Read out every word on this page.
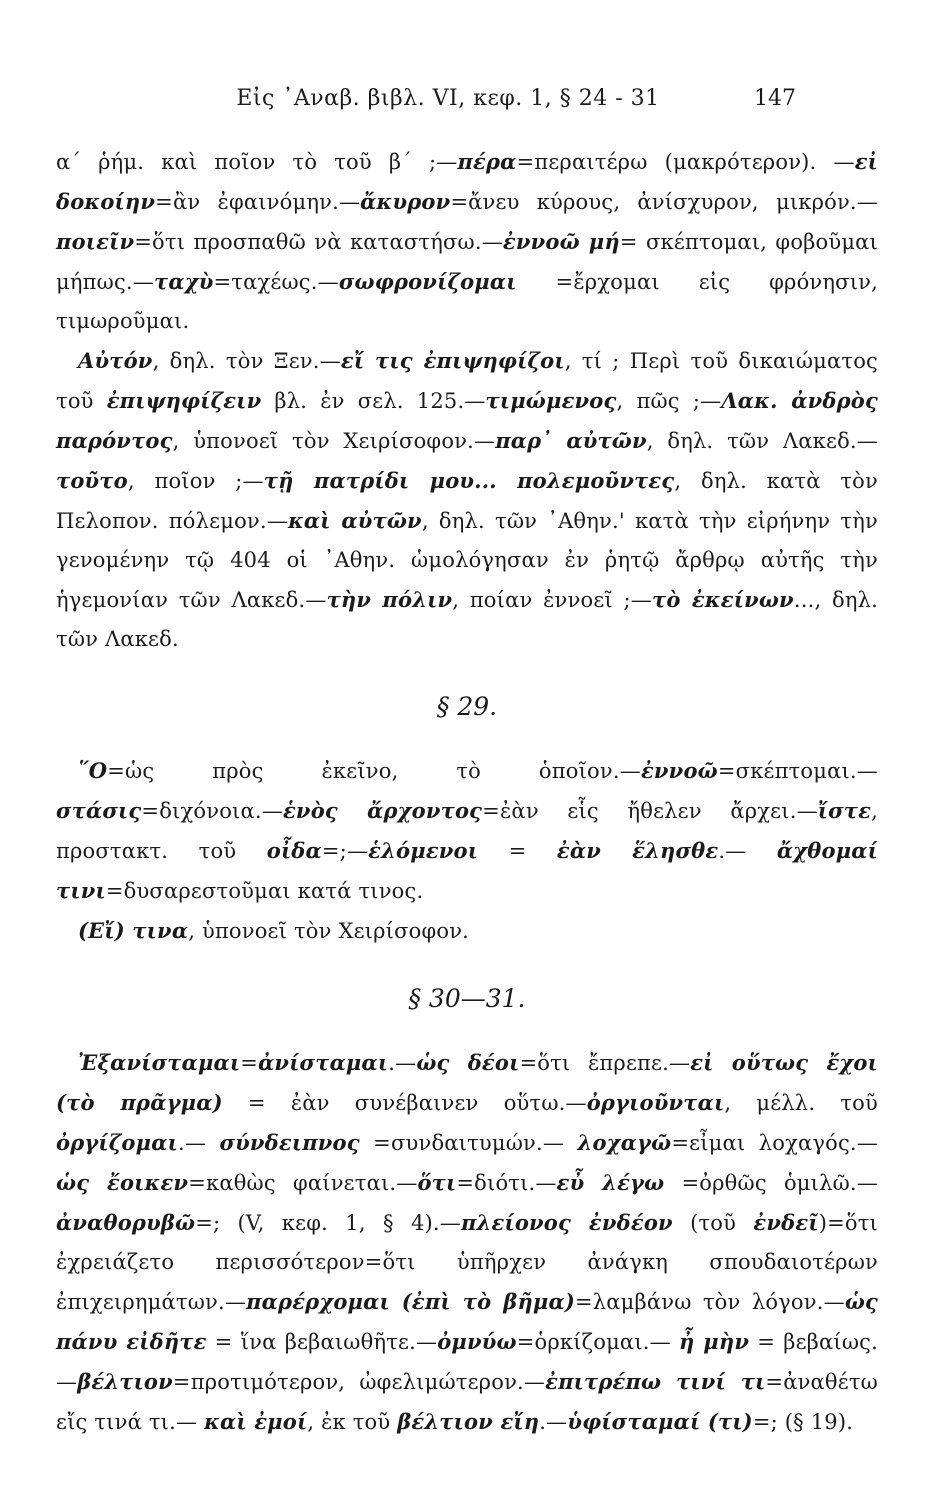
Εἰς ᾿Αναβ. βιβλ. VI, κεφ. 1, § 24 - 31	147

α´ ῥήμ. καὶ ποῖον τὸ τοῦ β´ ;—πέρα=περαιτέρω (μακρότερον). —εἰ δοκοίην=ἂν ἐφαινόμην.—ἄκυρον=ἄνευ κύρους, ἀνίσχυρον, μικρόν.—ποιεῖν=ὅτι προσπαθῶ νὰ καταστήσω.—ἐννοῶ μή= σκέπτομαι, φοβοῦμαι μήπως.—ταχὺ=ταχέως.—σωφρονίζομαι =ἔρχομαι εἰς φρόνησιν, τιμωροῦμαι.

Αὐτόν, δηλ. τὸν Ξεν.—εἴ τις ἐπιψηφίζοι, τί ; Περὶ τοῦ δικαιώματος τοῦ ἐπιψηφίζειν βλ. ἐν σελ. 125.—τιμώμενος, πῶς ;—Λακ. ἀνδρὸς παρόντος, ὑπονοεῖ τὸν Χειρίσοφον.—παρ᾿ αὐτῶν, δηλ. τῶν Λακεδ.—τοῦτο, ποῖον ;—τῇ πατρίδι μου... πολεμοῦντες, δηλ. κατὰ τὸν Πελοπον. πόλεμον.—καὶ αὐτῶν, δηλ. τῶν ᾿Αθην.' κατὰ τὴν εἰρήνην τὴν γενομένην τῷ 404 οἱ ᾿Αθην. ὡμολόγησαν ἐν ῥητῷ ἄρθρῳ αὐτῆς τὴν ἡγεμονίαν τῶν Λακεδ.—τὴν πόλιν, ποίαν ἐννοεῖ ;—τὸ ἐκείνων..., δηλ. τῶν Λακεδ.

§ 29.

῞Ο=ὡς πρὸς ἐκεῖνο, τὸ ὁποῖον.—ἐννοῶ=σκέπτομαι.—στάσις=διχόνοια.—ἑνὸς ἄρχοντος=ἐὰν εἷς ἤθελεν ἄρχει.—ἴστε, προστακτ. τοῦ οἶδα=;—ἑλόμενοι = ἐὰν ἕλησθε.— ἄχθομαί τινι=δυσαρεστοῦμαι κατά τινος.

(Εἴ) τινα, ὑπονοεῖ τὸν Χειρίσοφον.

§ 30—31.

Ἐξανίσταμαι=ἀνίσταμαι.—ὡς δέοι=ὅτι ἔπρεπε.—εἰ οὕτως ἔχοι (τὸ πρᾶγμα) = ἐὰν συνέβαινεν οὕτω.—ὀργιοῦνται, μέλλ. τοῦ ὀργίζομαι.— σύνδειπνος =συνδαιτυμών.— λοχαγῶ=εἶμαι λοχαγός.—ὡς ἔοικεν=καθὼς φαίνεται.—ὅτι=διότι.—εὖ λέγω =ὀρθῶς ὁμιλῶ.—ἀναθορυβῶ=; (V, κεφ. 1, § 4).—πλείονος ἐνδέον (τοῦ ἐνδεῖ)=ὅτι ἐχρειάζετο περισσότερον=ὅτι ὑπῆρχεν ἀνάγκη σπουδαιοτέρων ἐπιχειρημάτων.—παρέρχομαι (ἐπὶ τὸ βῆμα)=λαμβάνω τὸν λόγον.—ὡς πάνυ εἰδῆτε = ἵνα βεβαιωθῆτε.—ὀμνύω=ὁρκίζομαι.— ἦ μὴν = βεβαίως.—βέλτιον=προτιμότερον, ὠφελιμώτερον.—ἐπιτρέπω τινί τι=ἀναθέτω εἴς τινά τι.— καὶ ἐμοί, ἐκ τοῦ βέλτιον εἴη.—ὑφίσταμαί (τι)=; (§ 19).
